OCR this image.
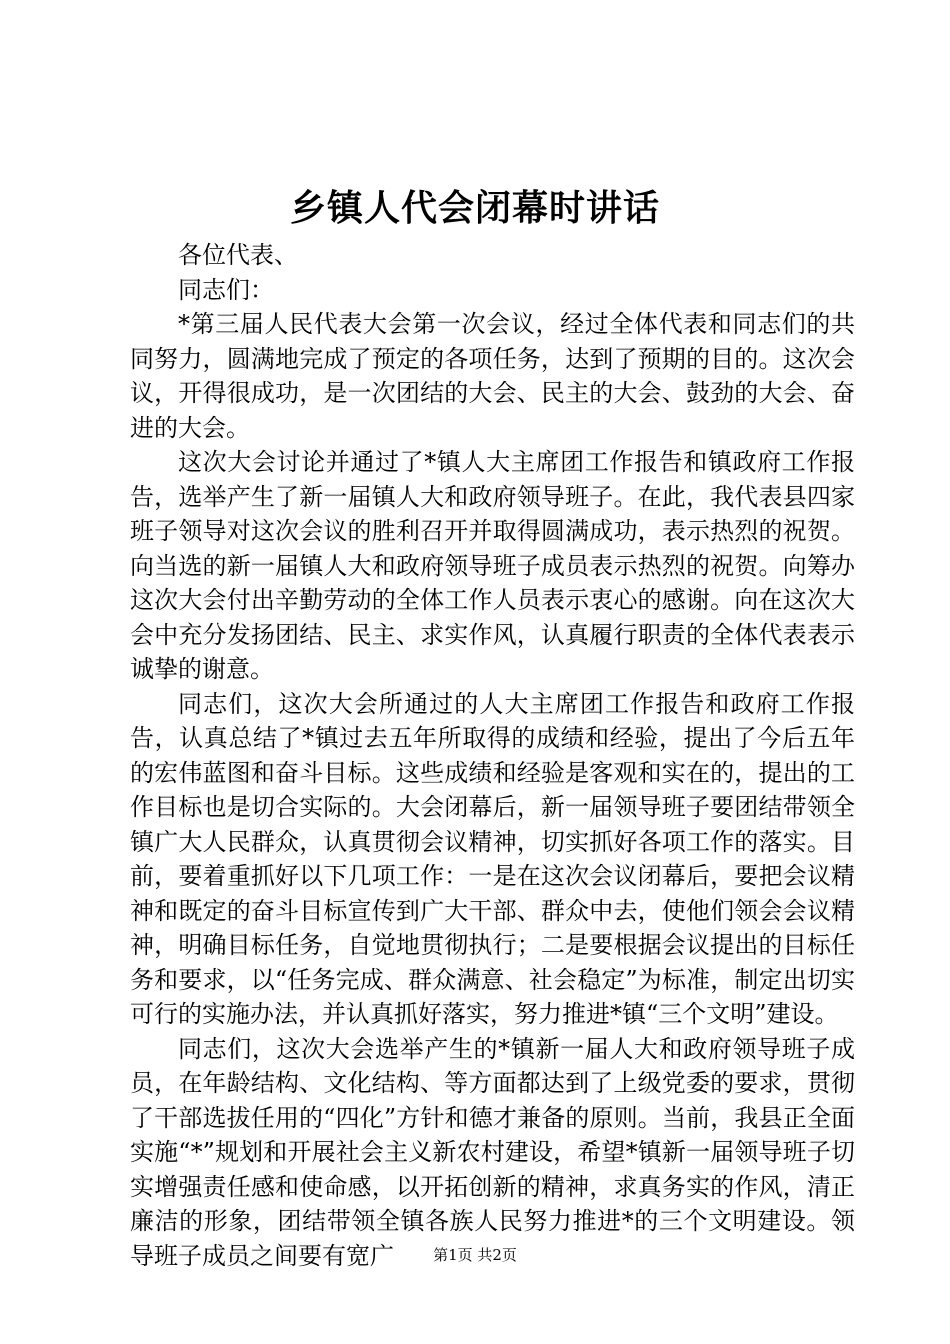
乡镇人代会闭幕时讲话

各位代表、

同志们：

*第三届人民代表大会第一次会议，经过全体代表和同志们的共同努力，圆满地完成了预定的各项任务，达到了预期的目的。这次会议，开得很成功，是一次团结的大会、民主的大会、鼓劲的大会、奋进的大会。

这次大会讨论并通过了*镇人大主席团工作报告和镇政府工作报告，选举产生了新一届镇人大和政府领导班子。在此，我代表县四家班子领导对这次会议的胜利召开并取得圆满成功，表示热烈的祝贺。向当选的新一届镇人大和政府领导班子成员表示热烈的祝贺。向筹办这次大会付出辛勤劳动的全体工作人员表示衷心的感谢。向在这次大会中充分发扬团结、民主、求实作风，认真履行职责的全体代表表示诚挚的谢意。

同志们，这次大会所通过的人大主席团工作报告和政府工作报告，认真总结了*镇过去五年所取得的成绩和经验，提出了今后五年的宏伟蓝图和奋斗目标。这些成绩和经验是客观和实在的，提出的工作目标也是切合实际的。大会闭幕后，新一届领导班子要团结带领全镇广大人民群众，认真贯彻会议精神，切实抓好各项工作的落实。目前，要着重抓好以下几项工作：一是在这次会议闭幕后，要把会议精神和既定的奋斗目标宣传到广大干部、群众中去，使他们领会会议精神，明确目标任务，自觉地贯彻执行；二是要根据会议提出的目标任务和要求，以“任务完成、群众满意、社会稳定”为标准，制定出切实可行的实施办法，并认真抓好落实，努力推进*镇“三个文明”建设。

同志们，这次大会选举产生的*镇新一届人大和政府领导班子成员，在年龄结构、文化结构、等方面都达到了上级党委的要求，贯彻了干部选拔任用的“四化”方针和德才兼备的原则。当前，我县正全面实施“*”规划和开展社会主义新农村建设，希望*镇新一届领导班子切实增强责任感和使命感，以开拓创新的精神，求真务实的作风，清正廉洁的形象，团结带领全镇各族人民努力推进*的三个文明建设。领导班子成员之间要有宽广	第1页 共2页
